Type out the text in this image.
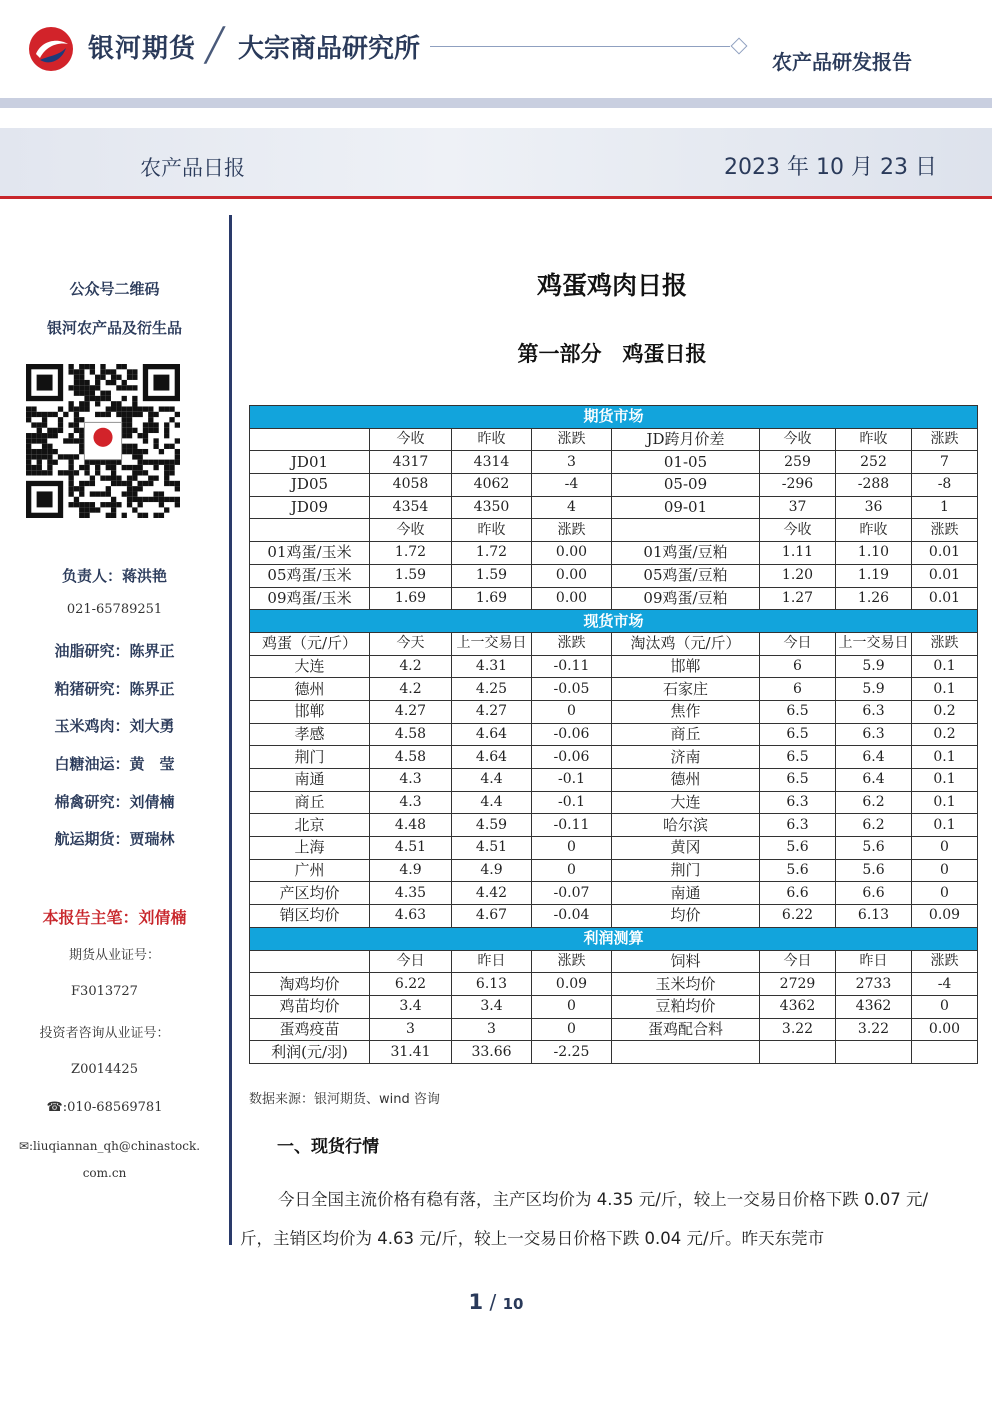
银河期货 ╱ 大宗商品研究所	农产品研发报告
农产品日报	2023 年 10 月 23 日
公众号二维码
银河农产品及衍生品
负责人：蒋洪艳
021-65789251
油脂研究：陈界正
粕猪研究：陈界正
玉米鸡肉：刘大勇
白糖油运：黄　莹
棉禽研究：刘倩楠
航运期货：贾瑞林
本报告主笔：刘倩楠
期货从业证号：
F3013727
投资者咨询从业证号：
Z0014425
☎:010-68569781
✉:liuqiannan_qh@chinastock.
com.cn
鸡蛋鸡肉日报
第一部分　鸡蛋日报
期货市场							
	今收	昨收	涨跌	JD跨月价差	今收	昨收	涨跌
JD01	4317	4314	3	01-05	259	252	7
JD05	4058	4062	-4	05-09	-296	-288	-8
JD09	4354	4350	4	09-01	37	36	1
	今收	昨收	涨跌		今收	昨收	涨跌
01鸡蛋/玉米	1.72	1.72	0.00	01鸡蛋/豆粕	1.11	1.10	0.01
05鸡蛋/玉米	1.59	1.59	0.00	05鸡蛋/豆粕	1.20	1.19	0.01
09鸡蛋/玉米	1.69	1.69	0.00	09鸡蛋/豆粕	1.27	1.26	0.01
现货市场							
鸡蛋（元/斤）	今天	上一交易日	涨跌	淘汰鸡（元/斤）	今日	上一交易日	涨跌
大连	4.2	4.31	-0.11	邯郸	6	5.9	0.1
德州	4.2	4.25	-0.05	石家庄	6	5.9	0.1
邯郸	4.27	4.27	0	焦作	6.5	6.3	0.2
孝感	4.58	4.64	-0.06	商丘	6.5	6.3	0.2
荆门	4.58	4.64	-0.06	济南	6.5	6.4	0.1
南通	4.3	4.4	-0.1	德州	6.5	6.4	0.1
商丘	4.3	4.4	-0.1	大连	6.3	6.2	0.1
北京	4.48	4.59	-0.11	哈尔滨	6.3	6.2	0.1
上海	4.51	4.51	0	黄冈	5.6	5.6	0
广州	4.9	4.9	0	荆门	5.6	5.6	0
产区均价	4.35	4.42	-0.07	南通	6.6	6.6	0
销区均价	4.63	4.67	-0.04	均价	6.22	6.13	0.09
利润测算							
	今日	昨日	涨跌	饲料	今日	昨日	涨跌
淘鸡均价	6.22	6.13	0.09	玉米均价	2729	2733	-4
鸡苗均价	3.4	3.4	0	豆粕均价	4362	4362	0
蛋鸡疫苗	3	3	0	蛋鸡配合料	3.22	3.22	0.00
利润(元/羽)	31.41	33.66	-2.25				
数据来源：银河期货、wind 咨询
一、现货行情
今日全国主流价格有稳有落，主产区均价为 4.35 元/斤，较上一交易日价格下跌 0.07 元/斤，主销区均价为 4.63 元/斤，较上一交易日价格下跌 0.04 元/斤。昨天东莞市
1 / 10
